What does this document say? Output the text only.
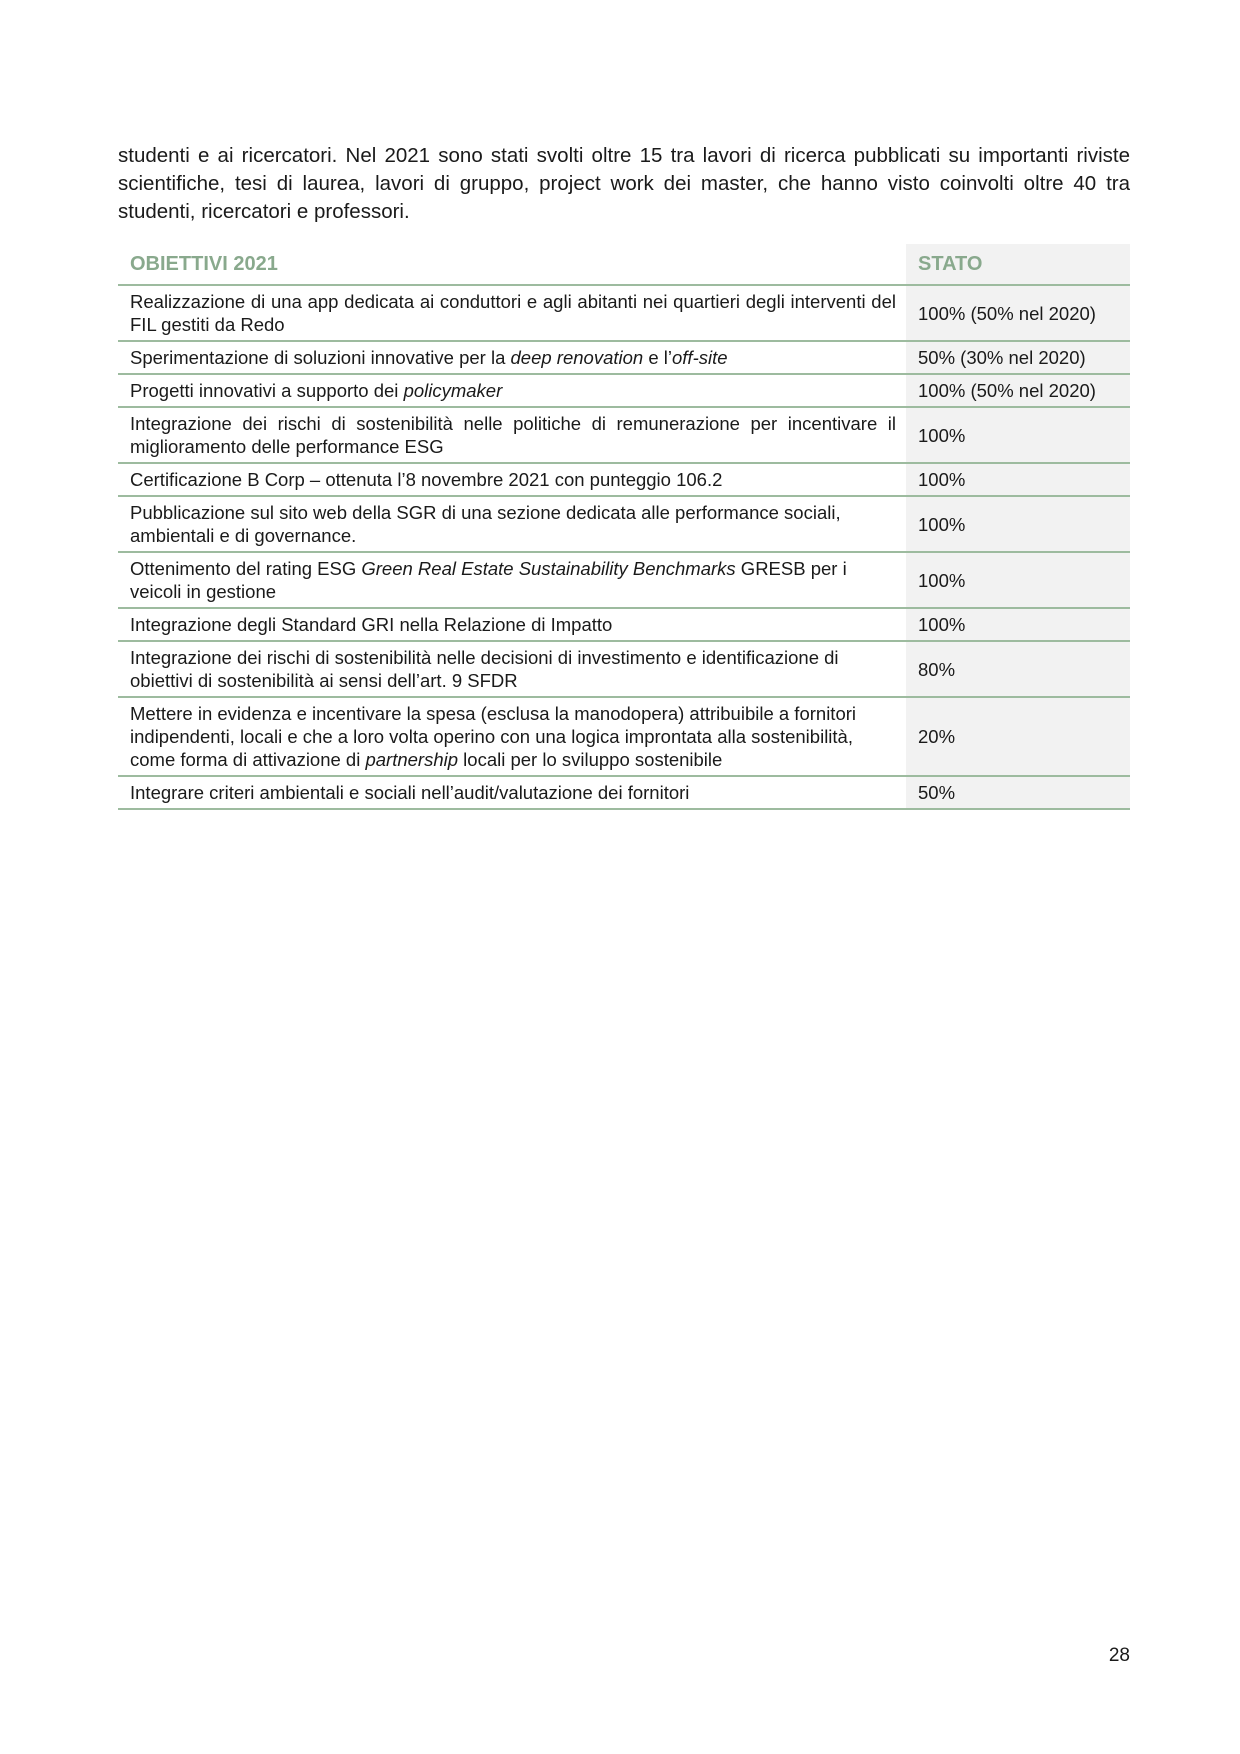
studenti e ai ricercatori. Nel 2021 sono stati svolti oltre 15 tra lavori di ricerca pubblicati su importanti riviste scientifiche, tesi di laurea, lavori di gruppo, project work dei master, che hanno visto coinvolti oltre 40 tra studenti, ricercatori e professori.

OBIETTIVI 2021	STATO
Realizzazione di una app dedicata ai conduttori e agli abitanti nei quartieri degli interventi del FIL gestiti da Redo	100% (50% nel 2020)
Sperimentazione di soluzioni innovative per la deep renovation e l’off-site	50% (30% nel 2020)
Progetti innovativi a supporto dei policymaker	100% (50% nel 2020)
Integrazione dei rischi di sostenibilità nelle politiche di remunerazione per incentivare il miglioramento delle performance ESG	100%
Certificazione B Corp – ottenuta l’8 novembre 2021 con punteggio 106.2	100%
Pubblicazione sul sito web della SGR di una sezione dedicata alle performance sociali, ambientali e di governance.	100%
Ottenimento del rating ESG Green Real Estate Sustainability Benchmarks GRESB per i veicoli in gestione	100%
Integrazione degli Standard GRI nella Relazione di Impatto	100%
Integrazione dei rischi di sostenibilità nelle decisioni di investimento e identificazione di obiettivi di sostenibilità ai sensi dell’art. 9 SFDR	80%
Mettere in evidenza e incentivare la spesa (esclusa la manodopera) attribuibile a fornitori indipendenti, locali e che a loro volta operino con una logica improntata alla sostenibilità, come forma di attivazione di partnership locali per lo sviluppo sostenibile	20%
Integrare criteri ambientali e sociali nell’audit/valutazione dei fornitori	50%
28
